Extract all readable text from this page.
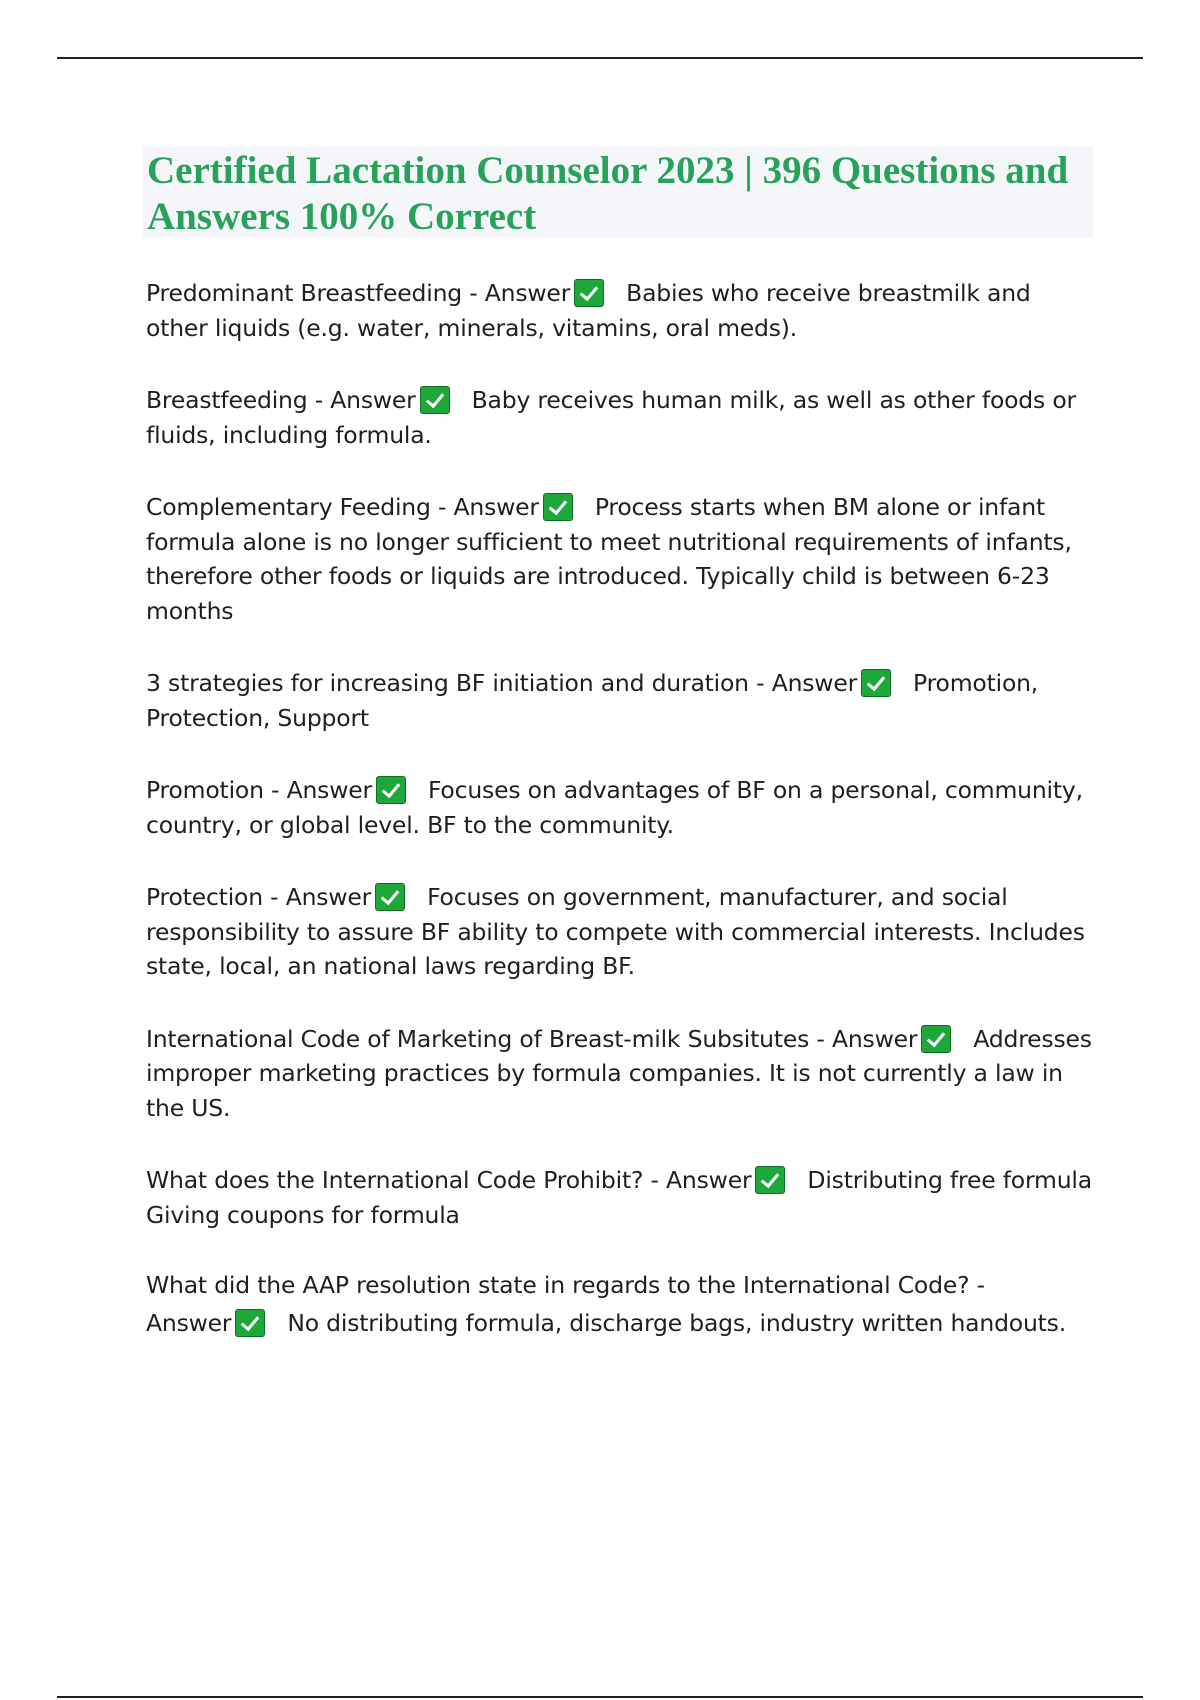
Certified Lactation Counselor 2023 | 396 Questions and Answers 100% Correct

Predominant Breastfeeding - Answer Babies who receive breastmilk and other liquids (e.g. water, minerals, vitamins, oral meds).

Breastfeeding - Answer Baby receives human milk, as well as other foods or fluids, including formula.

Complementary Feeding - Answer Process starts when BM alone or infant formula alone is no longer sufficient to meet nutritional requirements of infants, therefore other foods or liquids are introduced. Typically child is between 6-23 months

3 strategies for increasing BF initiation and duration - Answer Promotion, Protection, Support

Promotion - Answer Focuses on advantages of BF on a personal, community, country, or global level. BF to the community.

Protection - Answer Focuses on government, manufacturer, and social responsibility to assure BF ability to compete with commercial interests. Includes state, local, an national laws regarding BF.

International Code of Marketing of Breast-milk Subsitutes - Answer Addresses improper marketing practices by formula companies. It is not currently a law in the US.

What does the International Code Prohibit? - Answer Distributing free formula
Giving coupons for formula

What did the AAP resolution state in regards to the International Code? -
Answer No distributing formula, discharge bags, industry written handouts.
